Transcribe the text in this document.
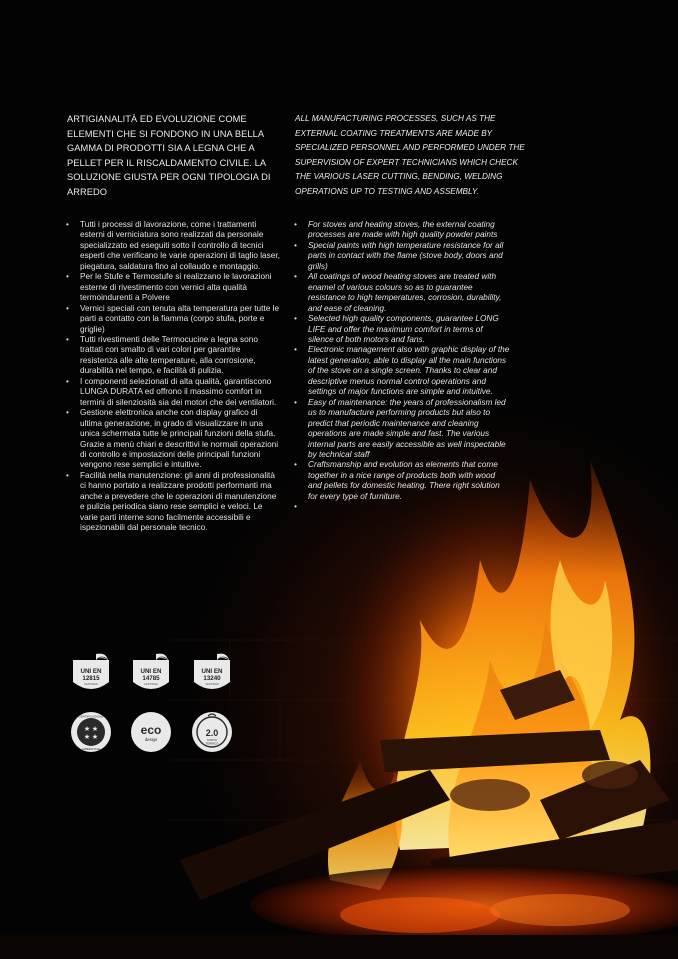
ARTIGIANALITÀ ED EVOLUZIONE COME ELEMENTI CHE SI FONDONO IN UNA BELLA GAMMA DI PRODOTTI SIA A LEGNA CHE A PELLET PER IL RISCALDAMENTO CIVILE. LA SOLUZIONE GIUSTA PER OGNI TIPOLOGIA DI ARREDO
ALL MANUFACTURING PROCESSES, SUCH AS THE EXTERNAL COATING TREATMENTS ARE MADE BY SPECIALIZED PERSONNEL AND PERFORMED UNDER THE SUPERVISION OF EXPERT TECHNICIANS WHICH CHECK THE VARIOUS LASER CUTTING, BENDING, WELDING OPERATIONS UP TO TESTING AND ASSEMBLY.
• Tutti i processi di lavorazione, come i trattamenti esterni di verniciatura sono realizzati da personale specializzato ed eseguiti sotto il controllo di tecnici esperti che verificano le varie operazioni di taglio laser, piegatura, saldatura fino al collaudo e montaggio.
• Per le Stufe e Termostufe si realizzano le lavorazioni esterne di rivestimento con vernici alta qualità termoindurenti a Polvere
• Vernici speciali con tenuta alta temperatura per tutte le parti a contatto con la fiamma (corpo stufa, porte e griglie)
• Tutti rivestimenti delle Termocucine a legna sono trattati con smalto di vari colori per garantire resistenza alle alte temperature, alla corrosione, durabilità nel tempo, e facilità di pulizia.
• I componenti selezionati di alta qualità, garantiscono LUNGA DURATA ed offrono il massimo comfort in termini di silenziosità sia dei motori che dei ventilatori.
• Gestione elettronica anche con display grafico di ultima generazione, in grado di visualizzare in una unica schermata tutte le principali funzioni della stufa. Grazie a menù chiari e descrittivi le normali operazioni di controllo e impostazioni delle principali funzioni vengono rese semplici e intuitive.
• Facilità nella manutenzione: gli anni di professionalità ci hanno portato a realizzare prodotti performanti ma anche a prevedere che le operazioni di manutenzione e pulizia periodica siano rese semplici e veloci. Le varie parti interne sono facilmente accessibili e ispezionabili dal personale tecnico.
• For stoves and heating stoves, the external coating processes are made with high quality powder paints
• Special paints with high temperature resistance for all parts in contact with the flame (stove body, doors and grills)
• All coatings of wood heating stoves are treated with enamel of various colours so as to guarantee resistance to high temperatures, corrosion, durability, and ease of cleaning.
• Selected high quality components, guarantee LONG LIFE and offer the maximum comfort in terms of silence of both motors and fans.
• Electronic management also with graphic display of the latest generation, able to display all the main functions of the stove on a single screen. Thanks to clear and descriptive menus normal control operations and settings of major functions are simple and intuitive.
• Easy of maintenance: the years of professionalism led us to manufacture performing products but also to predict that periodic maintenance and cleaning operations are made simple and fast. The various internal parts are easily accessible as well inspectable by technical staff
• Craftsmanship and evolution as elements that come together in a nice range of products both with wood and pellets for domestic heating. There right solution for every type of furniture.
UNI EN
12815
CERTIFIED
UNI EN
14785
CERTIFIED
UNI EN
13240
CERTIFIED
CERTIFICAZIONE
AMBIENTALE
★ ★
★ ★	eco
design
2.0
CONTO
TERMICO
